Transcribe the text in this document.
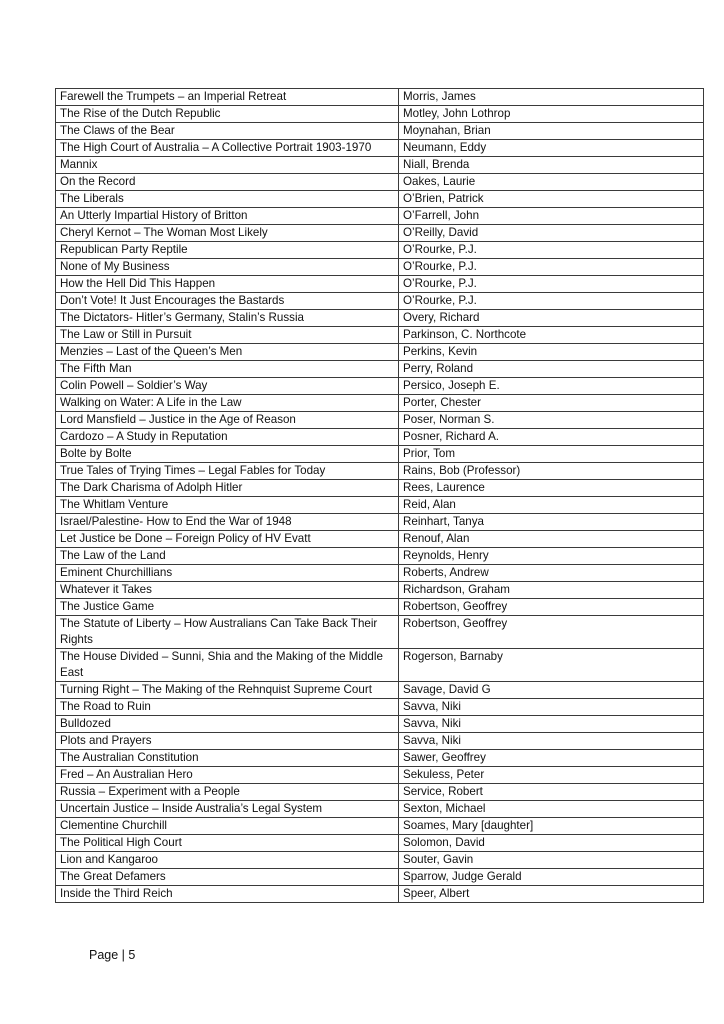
Farewell the Trumpets – an Imperial Retreat	Morris, James
The Rise of the Dutch Republic	Motley, John Lothrop
The Claws of the Bear	Moynahan, Brian
The High Court of Australia – A Collective Portrait 1903-1970	Neumann, Eddy
Mannix	Niall, Brenda
On the Record	Oakes, Laurie
The Liberals	O’Brien, Patrick
An Utterly Impartial History of Britton	O’Farrell, John
Cheryl Kernot – The Woman Most Likely	O’Reilly, David
Republican Party Reptile	O’Rourke, P.J.
None of My Business	O’Rourke, P.J.
How the Hell Did This Happen	O’Rourke, P.J.
Don’t Vote! It Just Encourages the Bastards	O’Rourke, P.J.
The Dictators- Hitler’s Germany, Stalin’s Russia	Overy, Richard
The Law or Still in Pursuit	Parkinson, C. Northcote
Menzies – Last of the Queen’s Men	Perkins, Kevin
The Fifth Man	Perry, Roland
Colin Powell – Soldier’s Way	Persico, Joseph E.
Walking on Water: A Life in the Law	Porter, Chester
Lord Mansfield – Justice in the Age of Reason	Poser, Norman S.
Cardozo – A Study in Reputation	Posner, Richard A.
Bolte by Bolte	Prior, Tom
True Tales of Trying Times – Legal Fables for Today	Rains, Bob (Professor)
The Dark Charisma of Adolph Hitler	Rees, Laurence
The Whitlam Venture	Reid, Alan
Israel/Palestine- How to End the War of 1948	Reinhart, Tanya
Let Justice be Done – Foreign Policy of HV Evatt	Renouf, Alan
The Law of the Land	Reynolds, Henry
Eminent Churchillians	Roberts, Andrew
Whatever it Takes	Richardson, Graham
The Justice Game	Robertson, Geoffrey
The Statute of Liberty – How Australians Can Take Back Their Rights	Robertson, Geoffrey
The House Divided – Sunni, Shia and the Making of the Middle East	Rogerson, Barnaby
Turning Right – The Making of the Rehnquist Supreme Court	Savage, David G
The Road to Ruin	Savva, Niki
Bulldozed	Savva, Niki
Plots and Prayers	Savva, Niki
The Australian Constitution	Sawer, Geoffrey
Fred – An Australian Hero	Sekuless, Peter
Russia – Experiment with a People	Service, Robert
Uncertain Justice – Inside Australia’s Legal System	Sexton, Michael
Clementine Churchill	Soames, Mary [daughter]
The Political High Court	Solomon, David
Lion and Kangaroo	Souter, Gavin
The Great Defamers	Sparrow, Judge Gerald
Inside the Third Reich	Speer, Albert
Page | 5
